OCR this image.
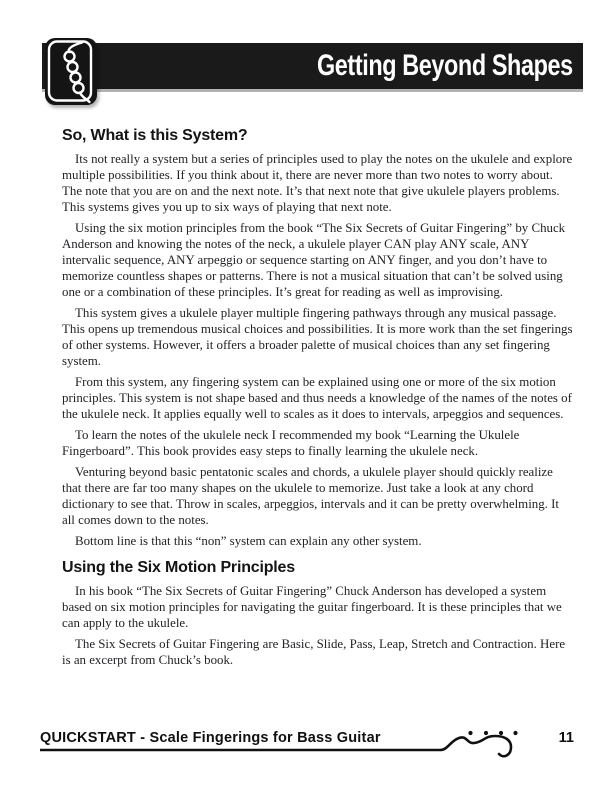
Getting Beyond Shapes
So, What is this System?

Its not really a system but a series of principles used to play the notes on the ukulele and explore multiple possibilities. If you think about it, there are never more than two notes to worry about. The note that you are on and the next note. It’s that next note that give ukulele players problems. This systems gives you up to six ways of playing that next note.

Using the six motion principles from the book “The Six Secrets of Guitar Fingering” by Chuck Anderson and knowing the notes of the neck, a ukulele player CAN play ANY scale, ANY intervalic sequence, ANY arpeggio or sequence starting on ANY finger, and you don’t have to memorize countless shapes or patterns. There is not a musical situation that can’t be solved using one or a combination of these principles. It’s great for reading as well as improvising.

This system gives a ukulele player multiple fingering pathways through any musical passage. This opens up tremendous musical choices and possibilities. It is more work than the set fingerings of other systems. However, it offers a broader palette of musical choices than any set fingering system.

From this system, any fingering system can be explained using one or more of the six motion principles. This system is not shape based and thus needs a knowledge of the names of the notes of the ukulele neck. It applies equally well to scales as it does to intervals, arpeggios and sequences.

To learn the notes of the ukulele neck I recommended my book “Learning the Ukulele Fingerboard”. This book provides easy steps to finally learning the ukulele neck.

Venturing beyond basic pentatonic scales and chords, a ukulele player should quickly realize that there are far too many shapes on the ukulele to memorize. Just take a look at any chord dictionary to see that. Throw in scales, arpeggios, intervals and it can be pretty overwhelming. It all comes down to the notes.

Bottom line is that this “non” system can explain any other system.

Using the Six Motion Principles

In his book “The Six Secrets of Guitar Fingering” Chuck Anderson has developed a system based on six motion principles for navigating the guitar fingerboard. It is these principles that we can apply to the ukulele.

The Six Secrets of Guitar Fingering are Basic, Slide, Pass, Leap, Stretch and Contraction. Here is an excerpt from Chuck’s book.

QUICKSTART - Scale Fingerings for Bass Guitar	11
